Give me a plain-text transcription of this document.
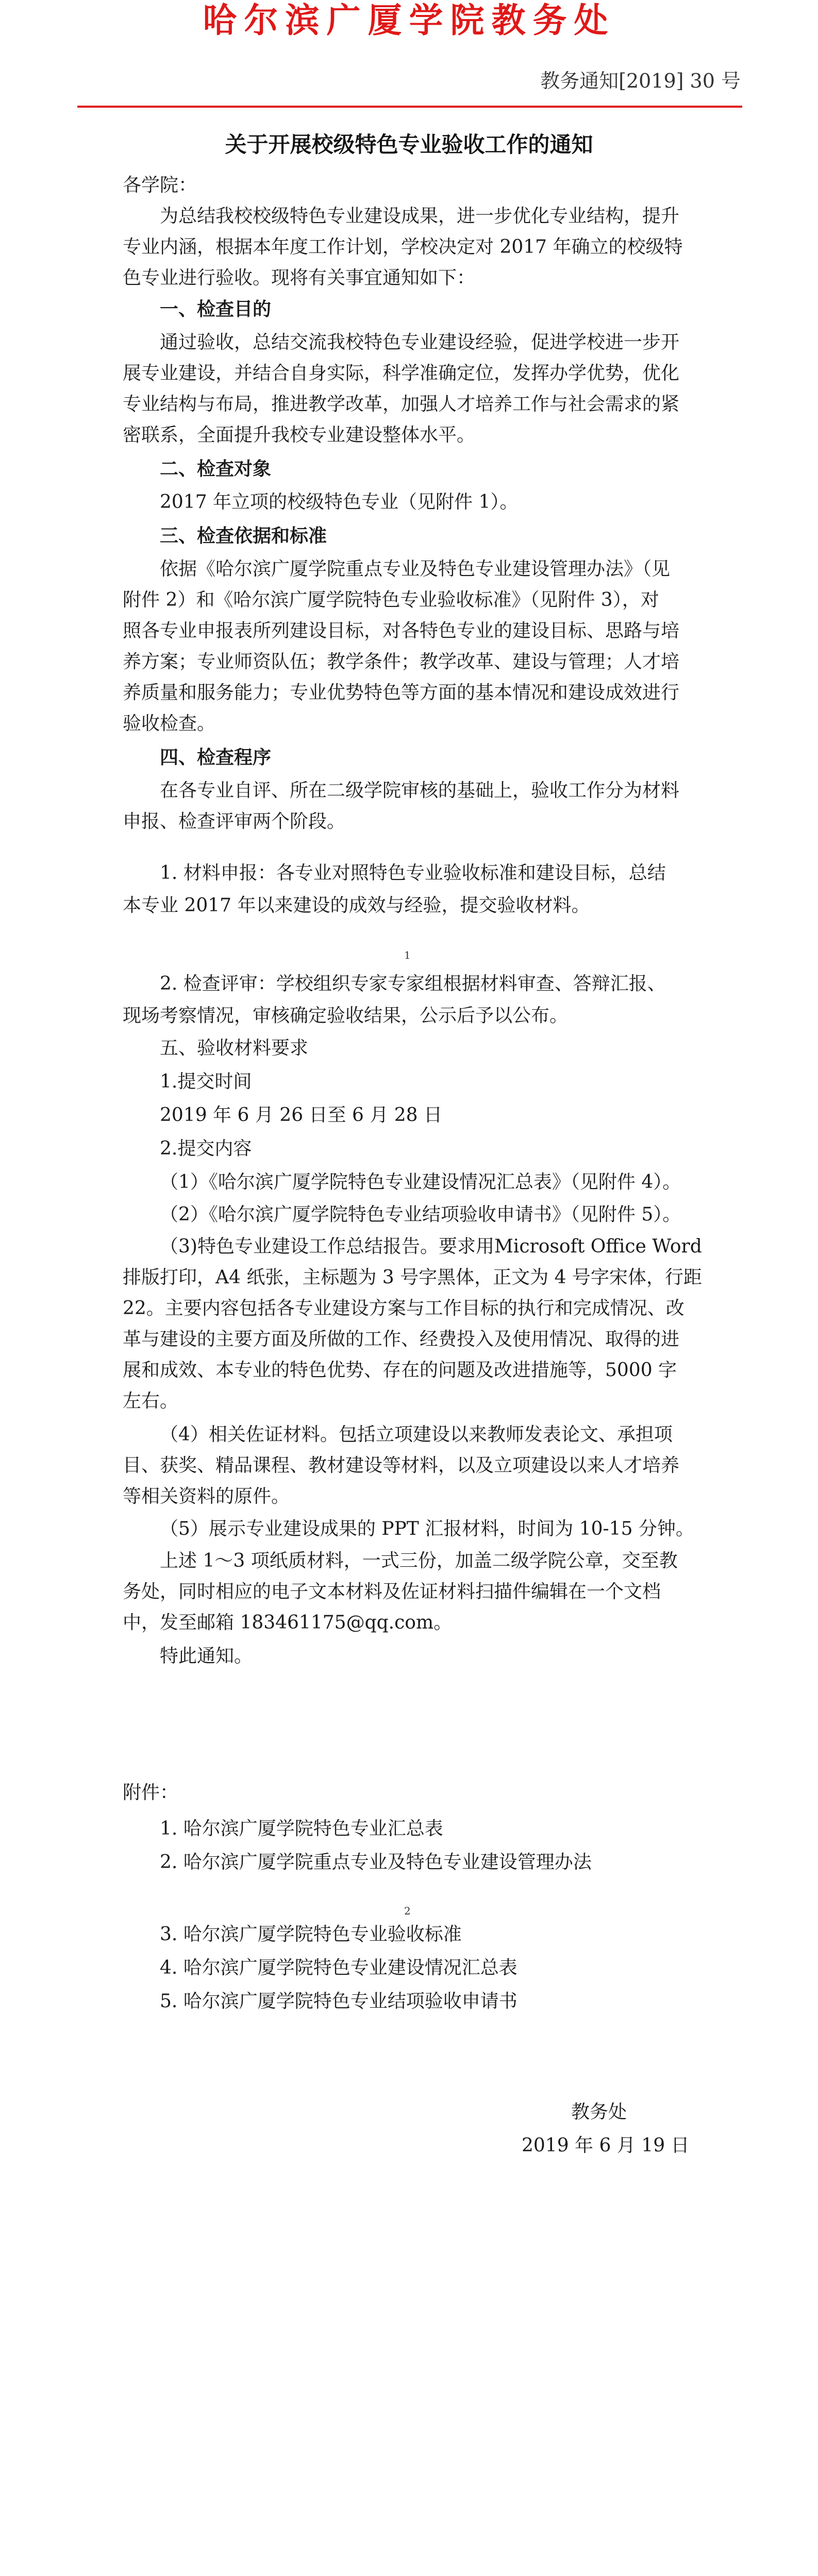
哈尔滨广厦学院教务处
教务通知[2019] 30 号
关于开展校级特色专业验收工作的通知
各学院：
为总结我校校级特色专业建设成果，进一步优化专业结构，提升
专业内涵，根据本年度工作计划，学校决定对 2017 年确立的校级特
色专业进行验收。现将有关事宜通知如下：
一、检查目的
通过验收，总结交流我校特色专业建设经验，促进学校进一步开
展专业建设，并结合自身实际，科学准确定位，发挥办学优势，优化
专业结构与布局，推进教学改革，加强人才培养工作与社会需求的紧
密联系，全面提升我校专业建设整体水平。
二、检查对象
2017 年立项的校级特色专业（见附件 1）。
三、检查依据和标准
依据《哈尔滨广厦学院重点专业及特色专业建设管理办法》（见
附件 2）和《哈尔滨广厦学院特色专业验收标准》（见附件 3），对
照各专业申报表所列建设目标，对各特色专业的建设目标、思路与培
养方案；专业师资队伍；教学条件；教学改革、建设与管理；人才培
养质量和服务能力；专业优势特色等方面的基本情况和建设成效进行
验收检查。
四、检查程序
在各专业自评、所在二级学院审核的基础上，验收工作分为材料
申报、检查评审两个阶段。
1. 材料申报：各专业对照特色专业验收标准和建设目标，总结
本专业 2017 年以来建设的成效与经验，提交验收材料。
1
2. 检查评审：学校组织专家专家组根据材料审查、答辩汇报、
现场考察情况，审核确定验收结果，公示后予以公布。
五、验收材料要求
1.提交时间
2019 年 6 月 26 日至 6 月 28 日
2.提交内容
（1）《哈尔滨广厦学院特色专业建设情况汇总表》（见附件 4）。
（2）《哈尔滨广厦学院特色专业结项验收申请书》（见附件 5）。
（3)特色专业建设工作总结报告。要求用Microsoft Office Word
排版打印，A4 纸张，主标题为 3 号字黑体，正文为 4 号字宋体，行距
22。主要内容包括各专业建设方案与工作目标的执行和完成情况、改
革与建设的主要方面及所做的工作、经费投入及使用情况、取得的进
展和成效、本专业的特色优势、存在的问题及改进措施等，5000 字
左右。
（4）相关佐证材料。包括立项建设以来教师发表论文、承担项
目、获奖、精品课程、教材建设等材料，以及立项建设以来人才培养
等相关资料的原件。
（5）展示专业建设成果的 PPT 汇报材料，时间为 10-15 分钟。
上述 1～3 项纸质材料，一式三份，加盖二级学院公章，交至教
务处，同时相应的电子文本材料及佐证材料扫描件编辑在一个文档
中，发至邮箱 183461175@qq.com。
特此通知。
附件：
1. 哈尔滨广厦学院特色专业汇总表
2. 哈尔滨广厦学院重点专业及特色专业建设管理办法
2
3. 哈尔滨广厦学院特色专业验收标准
4. 哈尔滨广厦学院特色专业建设情况汇总表
5. 哈尔滨广厦学院特色专业结项验收申请书
教务处
2019 年 6 月 19 日
